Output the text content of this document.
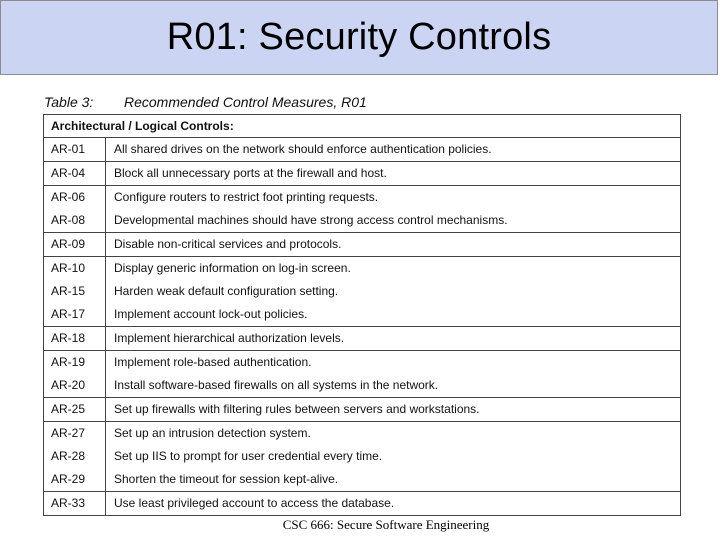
R01: Security Controls
Table 3: Recommended Control Measures, R01
Architectural / Logical Controls:
AR-01	All shared drives on the network should enforce authentication policies.
AR-04	Block all unnecessary ports at the firewall and host.
AR-06	Configure routers to restrict foot printing requests.
AR-08	Developmental machines should have strong access control mechanisms.
AR-09	Disable non-critical services and protocols.
AR-10	Display generic information on log-in screen.
AR-15	Harden weak default configuration setting.
AR-17	Implement account lock-out policies.
AR-18	Implement hierarchical authorization levels.
AR-19	Implement role-based authentication.
AR-20	Install software-based firewalls on all systems in the network.
AR-25	Set up firewalls with filtering rules between servers and workstations.
AR-27	Set up an intrusion detection system.
AR-28	Set up IIS to prompt for user credential every time.
AR-29	Shorten the timeout for session kept-alive.
AR-33	Use least privileged account to access the database.
CSC 666: Secure Software Engineering
